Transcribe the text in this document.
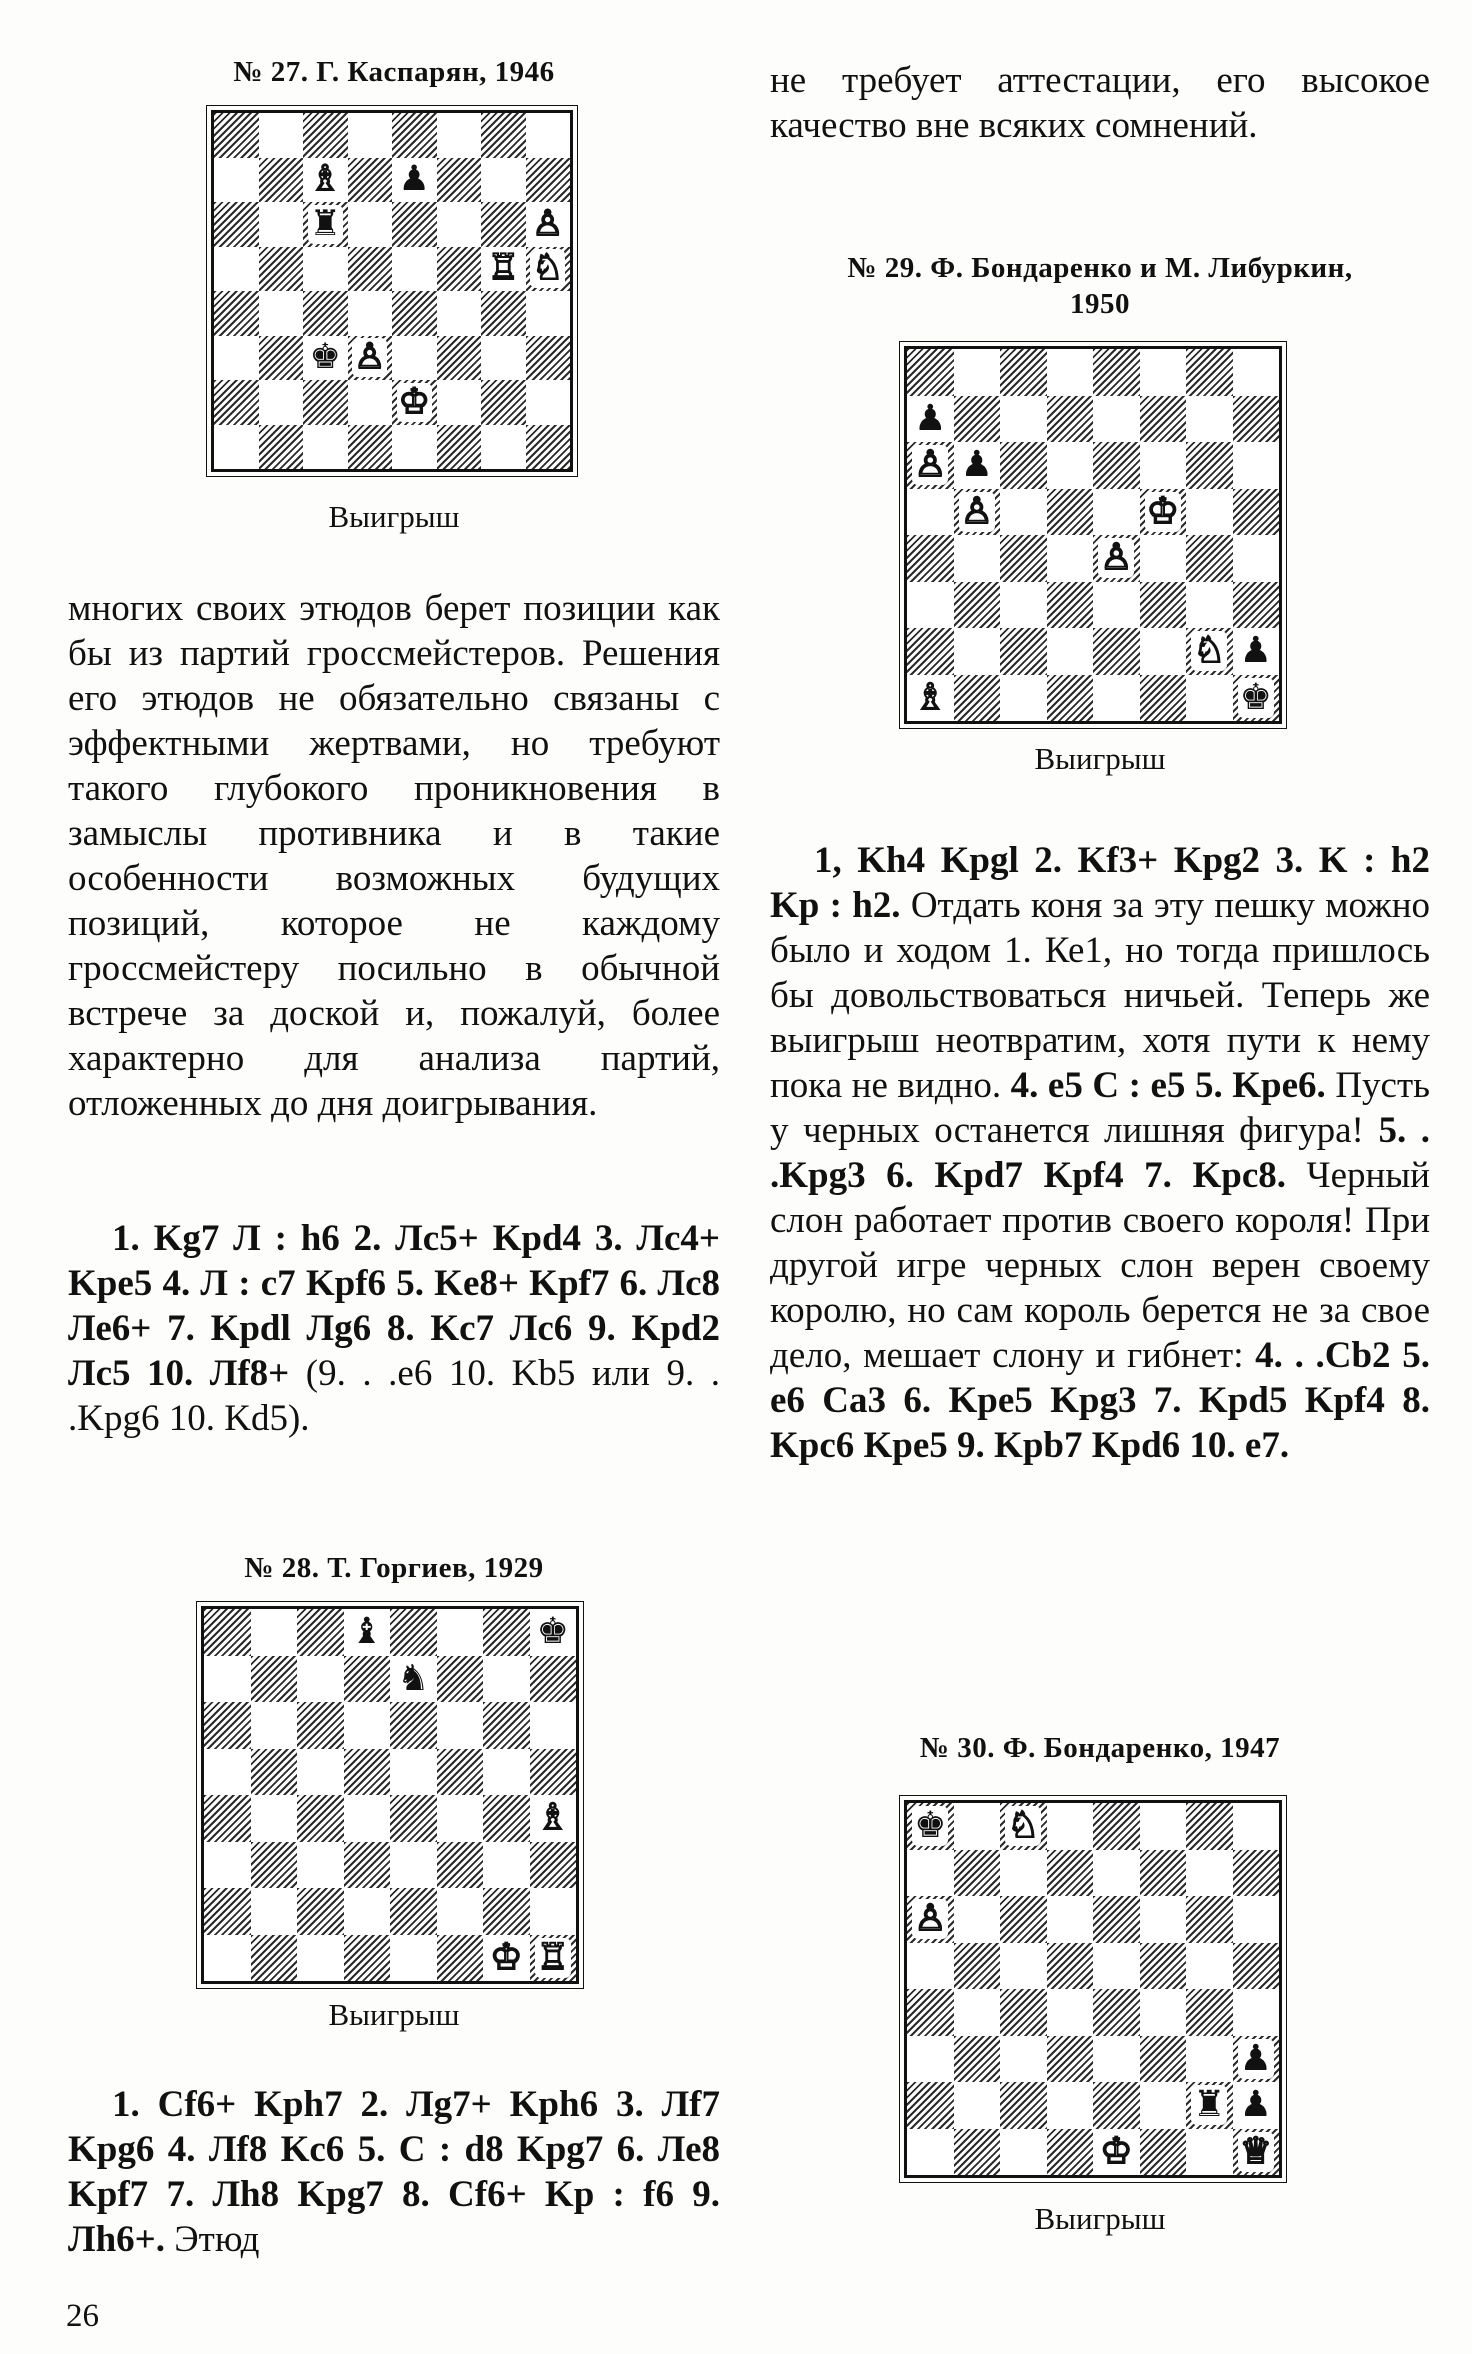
№ 27. Г. Каспарян, 1946
♗ ♟
♜	♙
♖ ♘
♚ ♙
♔
Выигрыш

многих своих этюдов берет позиции как бы из партий гроссмейстеров. Решения его этюдов не обязательно связаны с эффектными жертвами, но требуют такого глубокого проникновения в замыслы противника и в такие особенности возможных будущих позиций, которое не каждому гроссмейстеру посильно в обычной встрече за доской и, пожалуй, более характерно для анализа партий, отложенных до дня доигрывания.

1. Kg7 Л : h6 2. Лc5+ Kpd4 3. Лc4+ Kpe5 4. Л : c7 Kpf6 5. Ke8+ Kpf7 6. Лc8 Ле6+ 7. Kpdl Лg6 8. Kc7 Лc6 9. Kpd2 Лc5 10. Лf8+ (9. . .e6 10. Kb5 или 9. . .Kpg6 10. Kd5).

№ 28. Т. Горгиев, 1929
♝	♚
♞
♗
♔ ♖
Выигрыш

1. Cf6+ Kph7 2. Лg7+ Kph6 3. Лf7 Kpg6 4. Лf8 Kc6 5. С : d8 Kpg7 6. Ле8 Kpf7 7. Лh8 Kpg7 8. Cf6+ Kp : f6 9. Лh6+. Этюд

не требует аттестации, его высокое качество вне всяких сомнений.

№ 29. Ф. Бондаренко и М. Либуркин,
1950
♟
♙ ♟
♙	♔
♙
♘ ♟
♗	♚
Выигрыш

1, Kh4 Kpgl 2. Kf3+ Kpg2 3. K : h2 Kp : h2. Отдать коня за эту пешку можно было и ходом 1. Ке1, но тогда пришлось бы довольствоваться ничьей. Теперь же выигрыш неотвратим, хотя пути к нему пока не видно. 4. e5 С : e5 5. Kpe6. Пусть у черных останется лишняя фигура! 5. . .Kpg3 6. Kpd7 Kpf4 7. Kpc8. Черный слон работает против своего короля! При другой игре черных слон верен своему королю, но сам король берется не за свое дело, мешает слону и гибнет: 4. . .Cb2 5. e6 Ca3 6. Kpe5 Kpg3 7. Kpd5 Kpf4 8. Kpc6 Kpe5 9. Kpb7 Kpd6 10. e7.

№ 30. Ф. Бондаренко, 1947
♚ ♘
♙
♟
♜ ♟
♔	♕
Выигрыш
26
